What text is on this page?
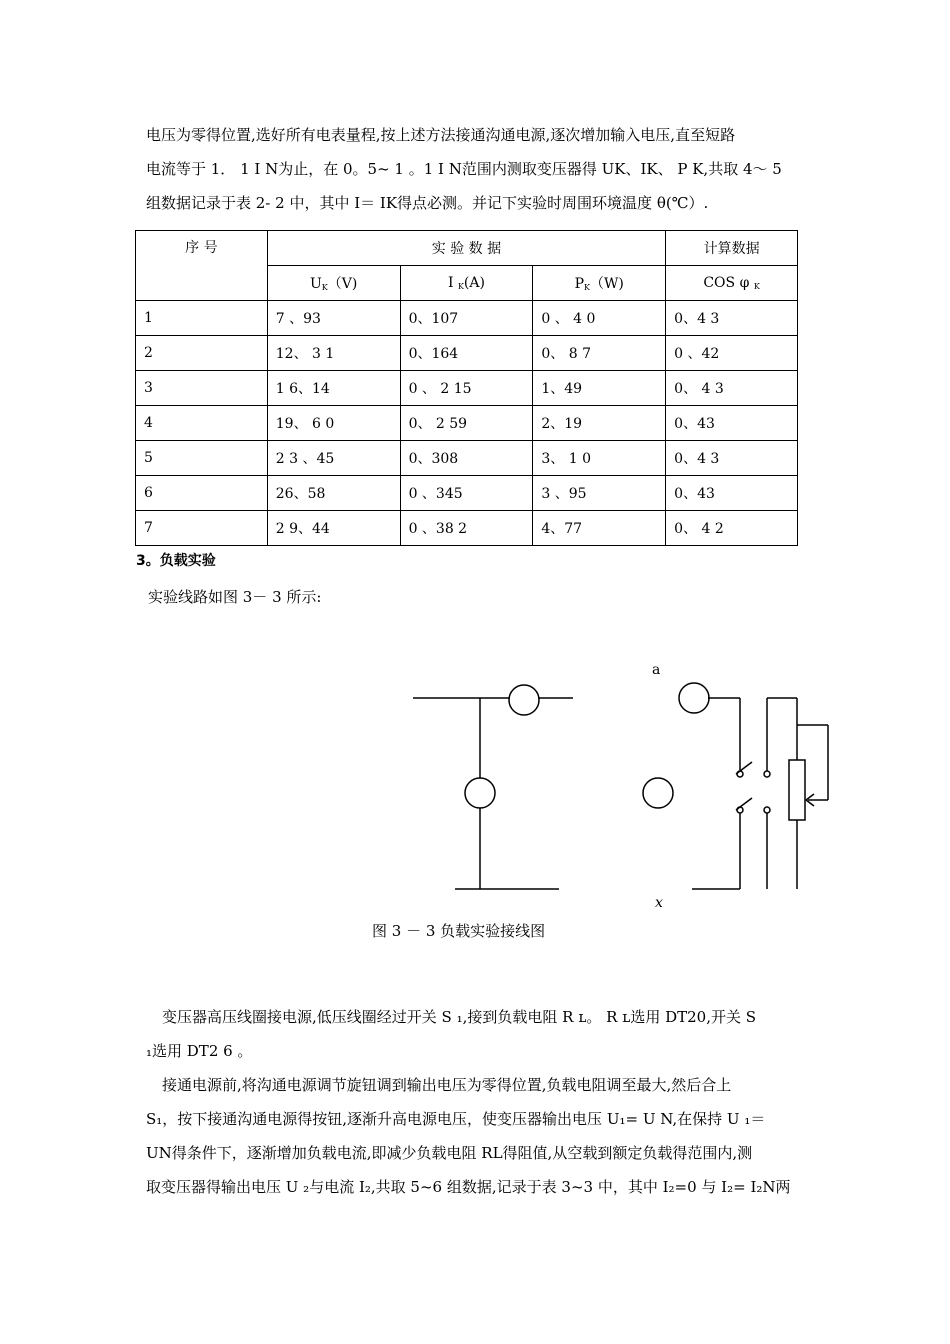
电压为零得位置,选好所有电表量程,按上述方法接通沟通电源,逐次增加输入电压,直至短路
电流等于 1． 1 I N为止，在 0。5~ 1 。1 I N范围内测取变压器得 UK、IK、 P K,共取 4～ 5
组数据记录于表 2- 2 中，其中 I＝ IK得点必测。并记下实验时周围环境温度 θ(℃）.
序 号	实 验 数 据			计算数据
	$U_K(V)$	I $_K$(A)	$P_K(W)$	COS φ $_K$
1	7 、93	0、107	0 、 4 0	0、4 3
2	12、 3 1	0、164	0、 8 7	0 、42
3	1 6、14	0 、 2 15	1、49	0、 4 3
4	19、 6 0	0、 2 59	2、19	0、43
5	2 3 、45	0、308	3、 1 0	0、4 3
6	26、58	0 、345	3 、95	0、43
7	2 9、44	0 、38 2	4、77	0、 4 2
3。负载实验
实验线路如图 3－ 3 所示:
a
x
图 3 － 3 负载实验接线图
变压器高压线圈接电源,低压线圈经过开关 S ₁,接到负载电阻 R ʟ。 R ʟ选用 DT20,开关 S
₁选用 DT2 6 。
接通电源前,将沟通电源调节旋钮调到输出电压为零得位置,负载电阻调至最大,然后合上
S₁，按下接通沟通电源得按钮,逐渐升高电源电压，使变压器输出电压 U₁= U N,在保持 U ₁＝
UN得条件下，逐渐增加负载电流,即减少负载电阻 RL得阻值,从空载到额定负载得范围内,测
取变压器得输出电压 U ₂与电流 I₂,共取 5~6 组数据,记录于表 3~3 中，其中 I₂=0 与 I₂= I₂N两
